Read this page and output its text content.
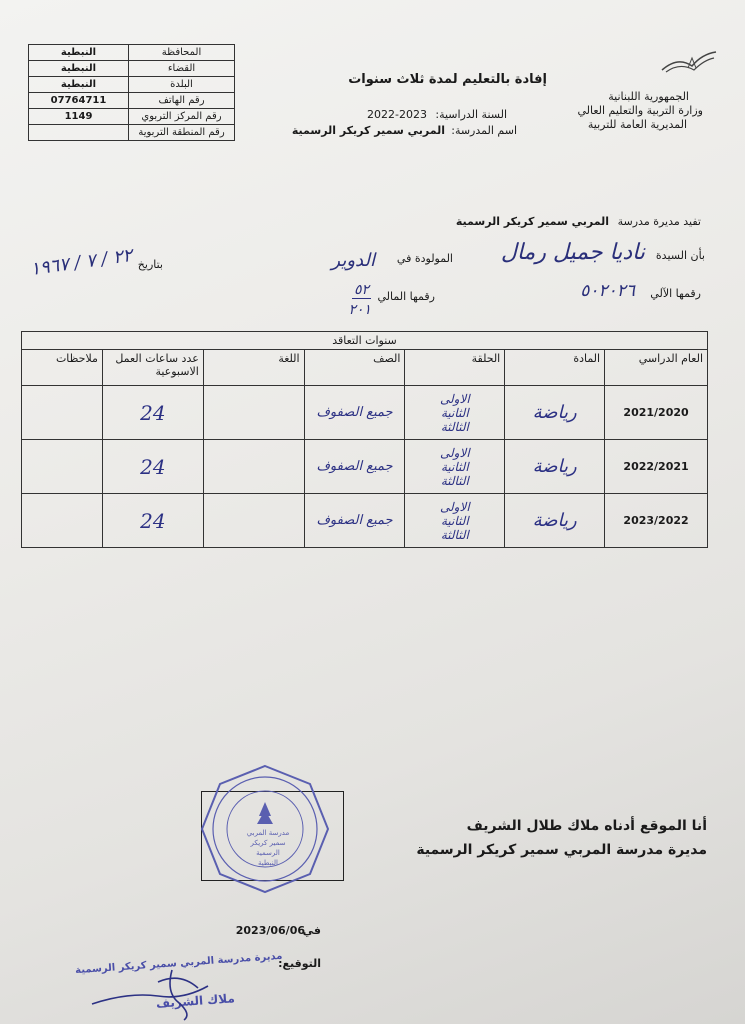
الجمهورية اللبنانية
وزارة التربية والتعليم العالي
المديرية العامة للتربية
إفادة بالتعليم لمدة ثلاث سنوات
السنة الدراسية:
2022-2023
اسم المدرسة:
المربي سمير كريكر الرسمية
المحافظة	النبطية
القضاء	النبطية
البلدة	النبطية
رقم الهاتف	07764711
رقم المركز التربوي	1149
رقم المنطقة التربوية	
تفيد مديرة مدرسة
المربي سمير كريكر الرسمية
بأن السيدة
ناديا جميل رمال
المولودة في
الدوير
بتاريخ
٢٢ / ٧ / ١٩٦٧
رقمها الآلي
٥٠٢٠٢٦
رقمها المالي
٥٢
٢٠١
سنوات التعاقد						
العام الدراسي	المادة	الحلقة	الصف	اللغة	عدد ساعات العمل الاسبوعية	ملاحظات
2021/2020	رياضة	الاولى
الثانية
الثالثة	جميع الصفوف		24	
2022/2021	رياضة	الاولى
الثانية
الثالثة	جميع الصفوف		24	
2023/2022	رياضة	الاولى
الثانية
الثالثة	جميع الصفوف		24	
أنا الموقع أدناه ملاك طلال الشريف
مديرة مدرسة المربي سمير كريكر الرسمية
مدرسة المربي
سمير كريكر الرسمية
النبطية
في
2023/06/06
التوقيع:
مديرة مدرسة المربي سمير كريكر الرسمية
ملاك الشريف
